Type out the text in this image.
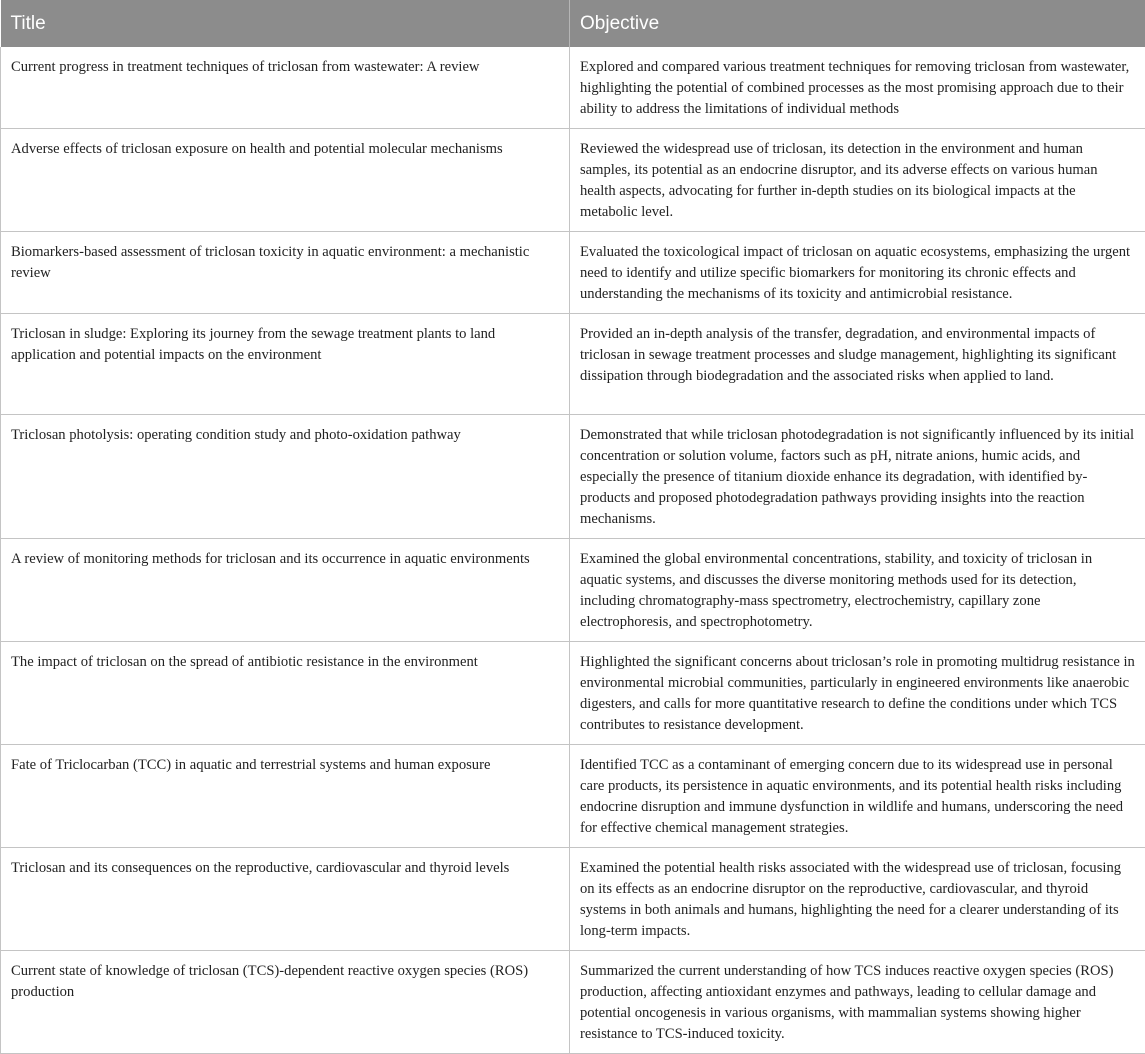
Title	Objective
Current progress in treatment techniques of triclosan from wastewater: A review	Explored and compared various treatment techniques for removing triclosan from wastewater, highlighting the potential of combined processes as the most promising approach due to their ability to address the limitations of individual methods
Adverse effects of triclosan exposure on health and potential molecular mechanisms	Reviewed the widespread use of triclosan, its detection in the environment and human samples, its potential as an endocrine disruptor, and its adverse effects on various human health aspects, advocating for further in-depth studies on its biological impacts at the metabolic level.
Biomarkers-based assessment of triclosan toxicity in aquatic environment: a mechanistic review	Evaluated the toxicological impact of triclosan on aquatic ecosystems, emphasizing the urgent need to identify and utilize specific biomarkers for monitoring its chronic effects and understanding the mechanisms of its toxicity and antimicrobial resistance.
Triclosan in sludge: Exploring its journey from the sewage treatment plants to land application and potential impacts on the environment	Provided an in-depth analysis of the transfer, degradation, and environmental impacts of triclosan in sewage treatment processes and sludge management, highlighting its significant dissipation through biodegradation and the associated risks when applied to land.
Triclosan photolysis: operating condition study and photo-oxidation pathway	Demonstrated that while triclosan photodegradation is not significantly influenced by its initial concentration or solution volume, factors such as pH, nitrate anions, humic acids, and especially the presence of titanium dioxide enhance its degradation, with identified by-products and proposed photodegradation pathways providing insights into the reaction mechanisms.
A review of monitoring methods for triclosan and its occurrence in aquatic environments	Examined the global environmental concentrations, stability, and toxicity of triclosan in aquatic systems, and discusses the diverse monitoring methods used for its detection, including chromatography-mass spectrometry, electrochemistry, capillary zone electrophoresis, and spectrophotometry.
The impact of triclosan on the spread of antibiotic resistance in the environment	Highlighted the significant concerns about triclosan’s role in promoting multidrug resistance in environmental microbial communities, particularly in engineered environments like anaerobic digesters, and calls for more quantitative research to define the conditions under which TCS contributes to resistance development.
Fate of Triclocarban (TCC) in aquatic and terrestrial systems and human exposure	Identified TCC as a contaminant of emerging concern due to its widespread use in personal care products, its persistence in aquatic environments, and its potential health risks including endocrine disruption and immune dysfunction in wildlife and humans, underscoring the need for effective chemical management strategies.
Triclosan and its consequences on the reproductive, cardiovascular and thyroid levels	Examined the potential health risks associated with the widespread use of triclosan, focusing on its effects as an endocrine disruptor on the reproductive, cardiovascular, and thyroid systems in both animals and humans, highlighting the need for a clearer understanding of its long-term impacts.
Current state of knowledge of triclosan (TCS)-dependent reactive oxygen species (ROS) production	Summarized the current understanding of how TCS induces reactive oxygen species (ROS) production, affecting antioxidant enzymes and pathways, leading to cellular damage and potential oncogenesis in various organisms, with mammalian systems showing higher resistance to TCS-induced toxicity.
